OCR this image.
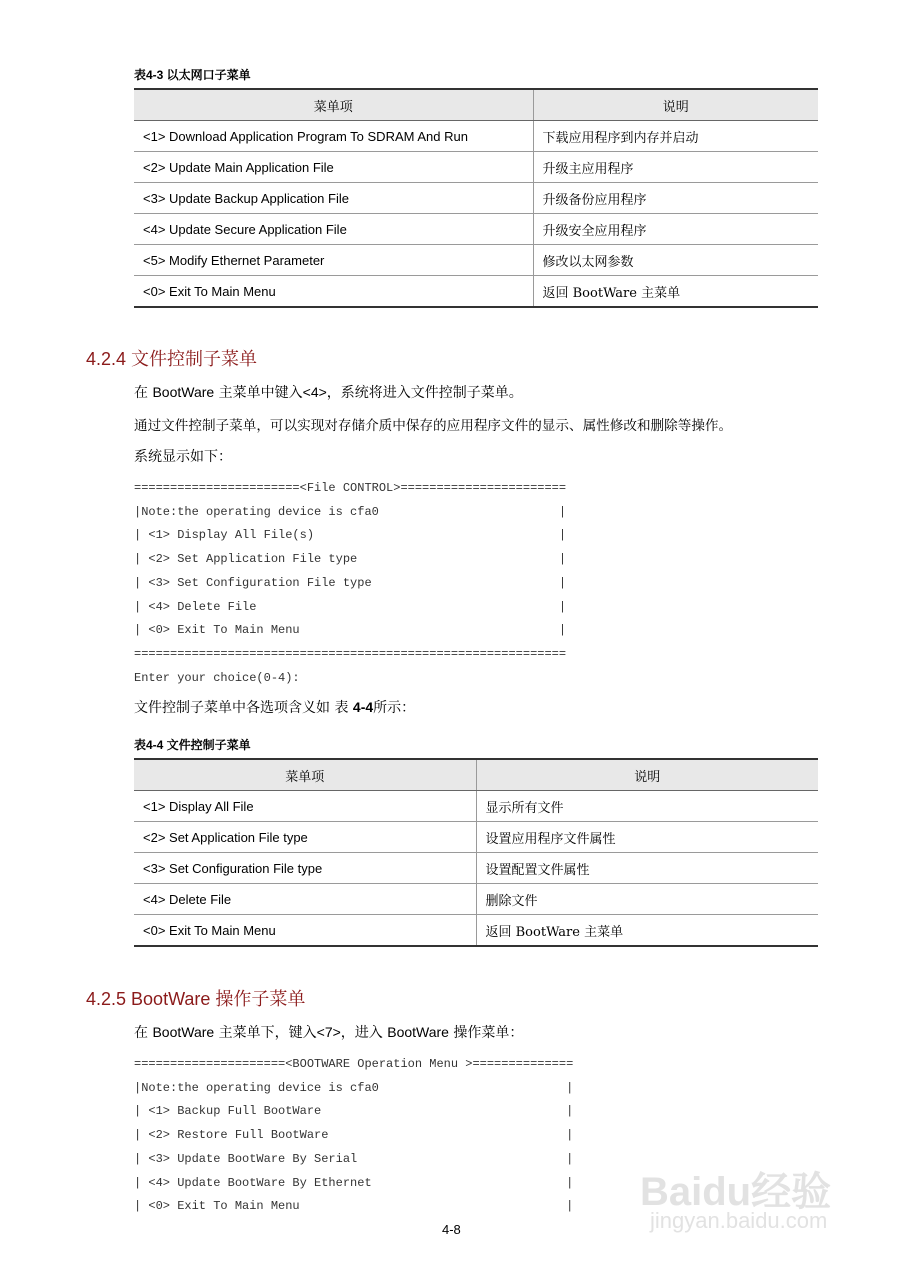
表4-3 以太网口子菜单
菜单项	说明
<1> Download Application Program To SDRAM And Run	下载应用程序到内存并启动
<2> Update Main Application File	升级主应用程序
<3> Update Backup Application File	升级备份应用程序
<4> Update Secure Application File	升级安全应用程序
<5> Modify Ethernet Parameter	修改以太网参数
<0> Exit To Main Menu	返回 BootWare 主菜单
4.2.4 文件控制子菜单
在 BootWare 主菜单中键入<4>，系统将进入文件控制子菜单。
通过文件控制子菜单，可以实现对存储介质中保存的应用程序文件的显示、属性修改和删除等操作。
系统显示如下：
=======================<File CONTROL>=======================
|Note:the operating device is cfa0                         |
| <1> Display All File(s)                                  |
| <2> Set Application File type                            |
| <3> Set Configuration File type                          |
| <4> Delete File                                          |
| <0> Exit To Main Menu                                    |
============================================================
Enter your choice(0-4):
文件控制子菜单中各选项含义如 表 4-4所示：
表4-4 文件控制子菜单
菜单项	说明
<1> Display All File	显示所有文件
<2> Set Application File type	设置应用程序文件属性
<3> Set Configuration File type	设置配置文件属性
<4> Delete File	删除文件
<0> Exit To Main Menu	返回 BootWare 主菜单
4.2.5 BootWare 操作子菜单
在 BootWare 主菜单下，键入<7>，进入 BootWare 操作菜单：
=====================<BOOTWARE Operation Menu >==============
|Note:the operating device is cfa0                          |
| <1> Backup Full BootWare                                  |
| <2> Restore Full BootWare                                 |
| <3> Update BootWare By Serial                             |
| <4> Update BootWare By Ethernet                           |
| <0> Exit To Main Menu                                     |
4-8
Baidu经验
jingyan.baidu.com
